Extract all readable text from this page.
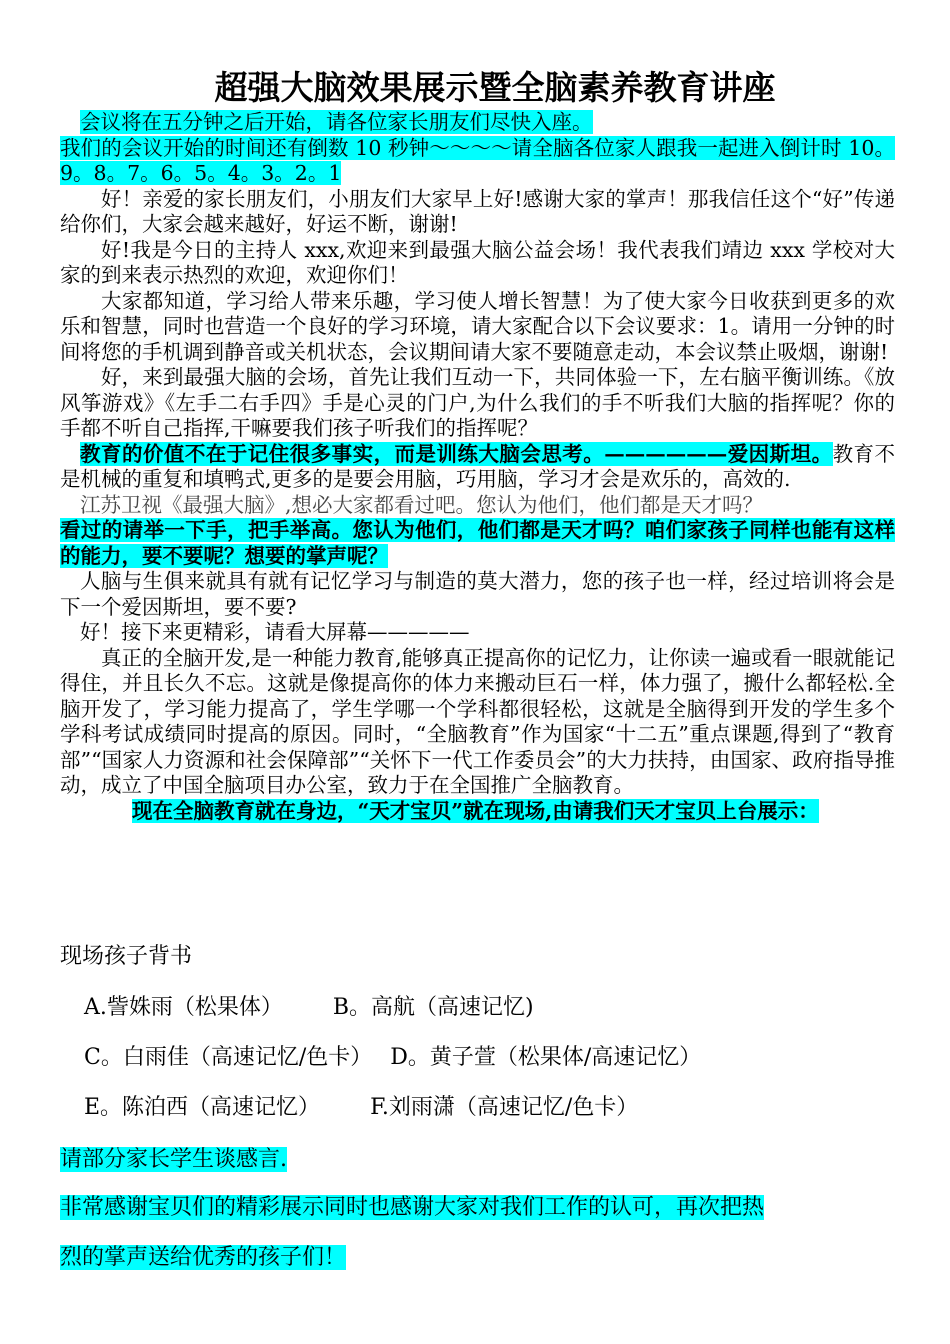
超强大脑效果展示暨全脑素养教育讲座

会议将在五分钟之后开始，请各位家长朋友们尽快入座。

我们的会议开始的时间还有倒数 10 秒钟～～～～请全脑各位家人跟我一起进入倒计时 10。9。8。7。6。5。4。3。2。1

好！亲爱的家长朋友们，小朋友们大家早上好!感谢大家的掌声！那我信任这个“好”传递给你们，大家会越来越好，好运不断，谢谢!

好!我是今日的主持人 xxx,欢迎来到最强大脑公益会场！我代表我们靖边 xxx 学校对大家的到来表示热烈的欢迎，欢迎你们！

大家都知道，学习给人带来乐趣，学习使人增长智慧！为了使大家今日收获到更多的欢乐和智慧，同时也营造一个良好的学习环境，请大家配合以下会议要求：1。请用一分钟的时间将您的手机调到静音或关机状态，会议期间请大家不要随意走动，本会议禁止吸烟，谢谢!

好，来到最强大脑的会场，首先让我们互动一下，共同体验一下，左右脑平衡训练。《放风筝游戏》《左手二右手四》手是心灵的门户,为什么我们的手不听我们大脑的指挥呢？你的手都不听自己指挥,干嘛要我们孩子听我们的指挥呢？

教育的价值不在于记住很多事实，而是训练大脑会思考。——————爱因斯坦。教育不是机械的重复和填鸭式,更多的是要会用脑，巧用脑，学习才会是欢乐的，高效的.

江苏卫视《最强大脑》,想必大家都看过吧。您认为他们，他们都是天才吗？

看过的请举一下手，把手举高。您认为他们，他们都是天才吗？咱们家孩子同样也能有这样的能力，要不要呢？想要的掌声呢？

人脑与生俱来就具有就有记忆学习与制造的莫大潜力，您的孩子也一样，经过培训将会是下一个爱因斯坦，要不要?

好！接下来更精彩，请看大屏幕—————

真正的全脑开发,是一种能力教育,能够真正提高你的记忆力，让你读一遍或看一眼就能记得住，并且长久不忘。这就是像提高你的体力来搬动巨石一样，体力强了，搬什么都轻松.全脑开发了，学习能力提高了，学生学哪一个学科都很轻松，这就是全脑得到开发的学生多个学科考试成绩同时提高的原因。同时，“全脑教育”作为国家“十二五”重点课题,得到了“教育部”“国家人力资源和社会保障部”“关怀下一代工作委员会”的大力扶持，由国家、政府指导推动，成立了中国全脑项目办公室，致力于在全国推广全脑教育。

现在全脑教育就在身边，“天才宝贝”就在现场,由请我们天才宝贝上台展示：

现场孩子背书
A.訾姝雨（松果体） B。高航（高速记忆)
C。白雨佳（高速记忆/色卡） D。黄子萱（松果体/高速记忆）
E。陈泊西（高速记忆） F.刘雨潇（高速记忆/色卡）
请部分家长学生谈感言.
非常感谢宝贝们的精彩展示同时也感谢大家对我们工作的认可，再次把热
烈的掌声送给优秀的孩子们！
